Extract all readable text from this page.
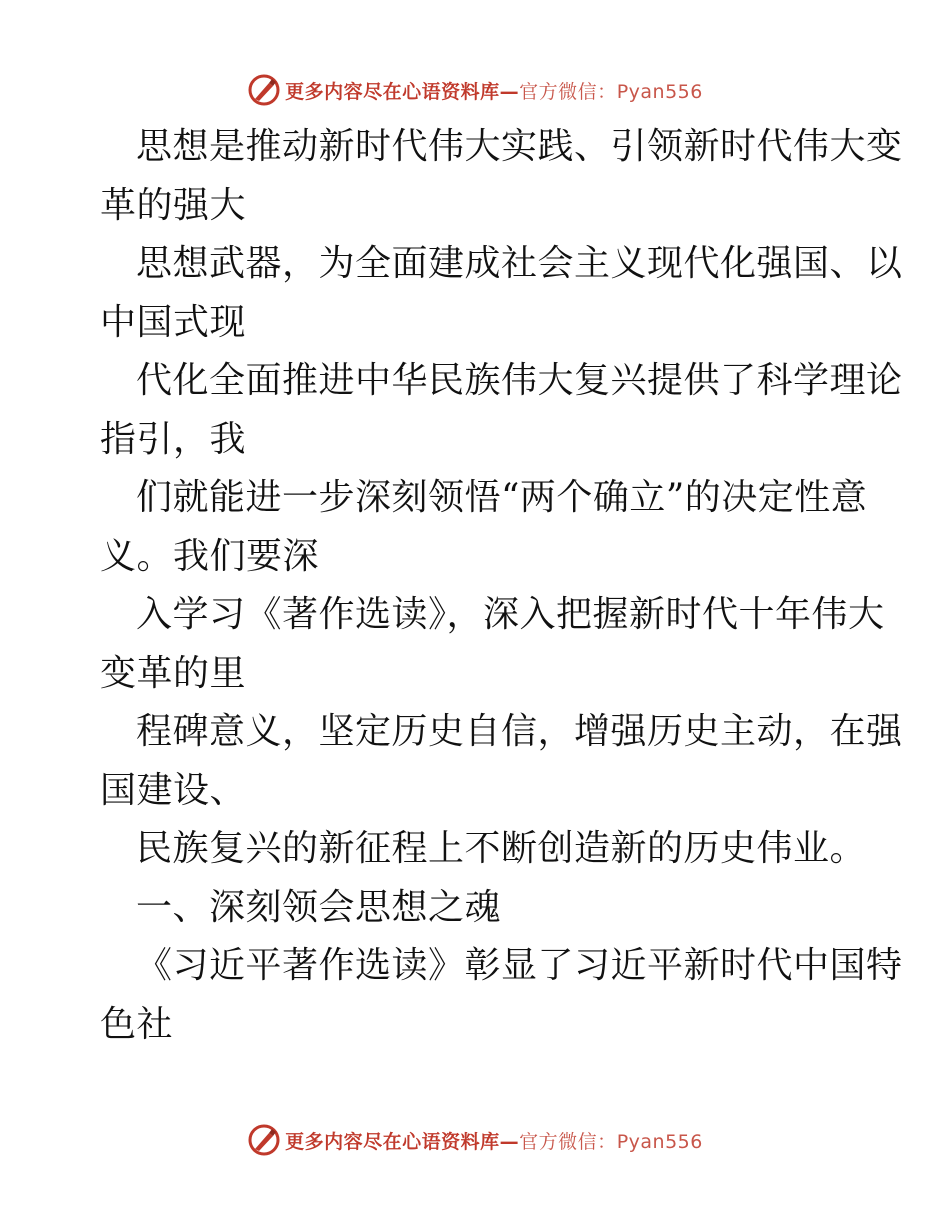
更多内容尽在心语资料库—官方微信：Pyan556
思想是推动新时代伟大实践、引领新时代伟大变
革的强大
思想武器，为全面建成社会主义现代化强国、以
中国式现
代化全面推进中华民族伟大复兴提供了科学理论
指引，我
们就能进一步深刻领悟“两个确立”的决定性意
义。我们要深
入学习《著作选读》，深入把握新时代十年伟大
变革的里
程碑意义，坚定历史自信，增强历史主动，在强
国建设、
民族复兴的新征程上不断创造新的历史伟业。
一、深刻领会思想之魂
《习近平著作选读》彰显了习近平新时代中国特
色社
更多内容尽在心语资料库—官方微信：Pyan556
